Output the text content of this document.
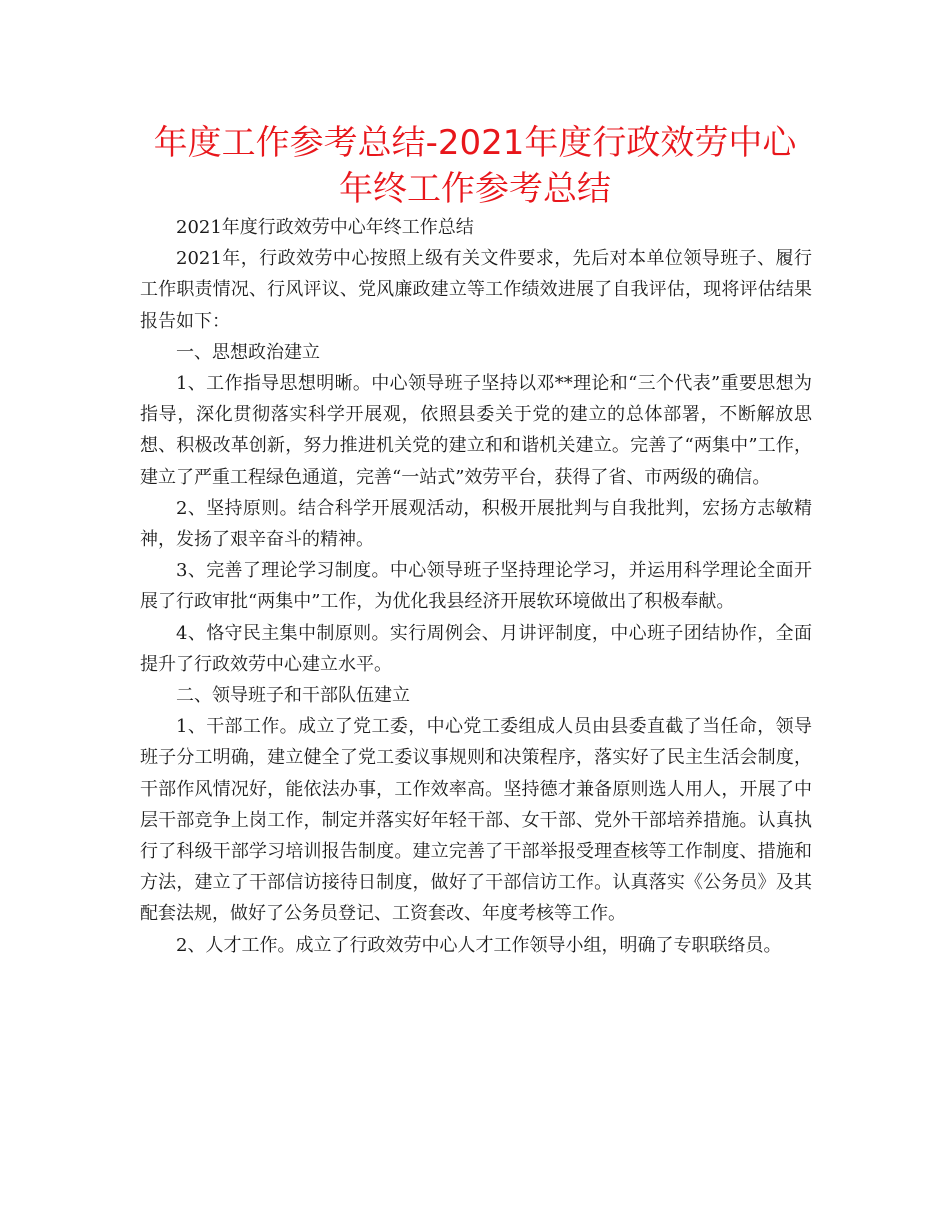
年度工作参考总结-2021年度行政效劳中心年终工作参考总结

2021年度行政效劳中心年终工作总结

2021年，行政效劳中心按照上级有关文件要求，先后对本单位领导班子、履行工作职责情况、行风评议、党风廉政建立等工作绩效进展了自我评估，现将评估结果报告如下：

一、思想政治建立

1、工作指导思想明晰。中心领导班子坚持以邓**理论和“三个代表”重要思想为指导，深化贯彻落实科学开展观，依照县委关于党的建立的总体部署，不断解放思想、积极改革创新，努力推进机关党的建立和和谐机关建立。完善了“两集中”工作，建立了严重工程绿色通道，完善“一站式”效劳平台，获得了省、市两级的确信。

2、坚持原则。结合科学开展观活动，积极开展批判与自我批判，宏扬方志敏精神，发扬了艰辛奋斗的精神。

3、完善了理论学习制度。中心领导班子坚持理论学习，并运用科学理论全面开展了行政审批“两集中”工作，为优化我县经济开展软环境做出了积极奉献。

4、恪守民主集中制原则。实行周例会、月讲评制度，中心班子团结协作，全面提升了行政效劳中心建立水平。

二、领导班子和干部队伍建立

1、干部工作。成立了党工委，中心党工委组成人员由县委直截了当任命，领导班子分工明确，建立健全了党工委议事规则和决策程序，落实好了民主生活会制度，干部作风情况好，能依法办事，工作效率高。坚持德才兼备原则选人用人，开展了中层干部竞争上岗工作，制定并落实好年轻干部、女干部、党外干部培养措施。认真执行了科级干部学习培训报告制度。建立完善了干部举报受理查核等工作制度、措施和方法，建立了干部信访接待日制度，做好了干部信访工作。认真落实《公务员》及其配套法规，做好了公务员登记、工资套改、年度考核等工作。

2、人才工作。成立了行政效劳中心人才工作领导小组，明确了专职联络员。
